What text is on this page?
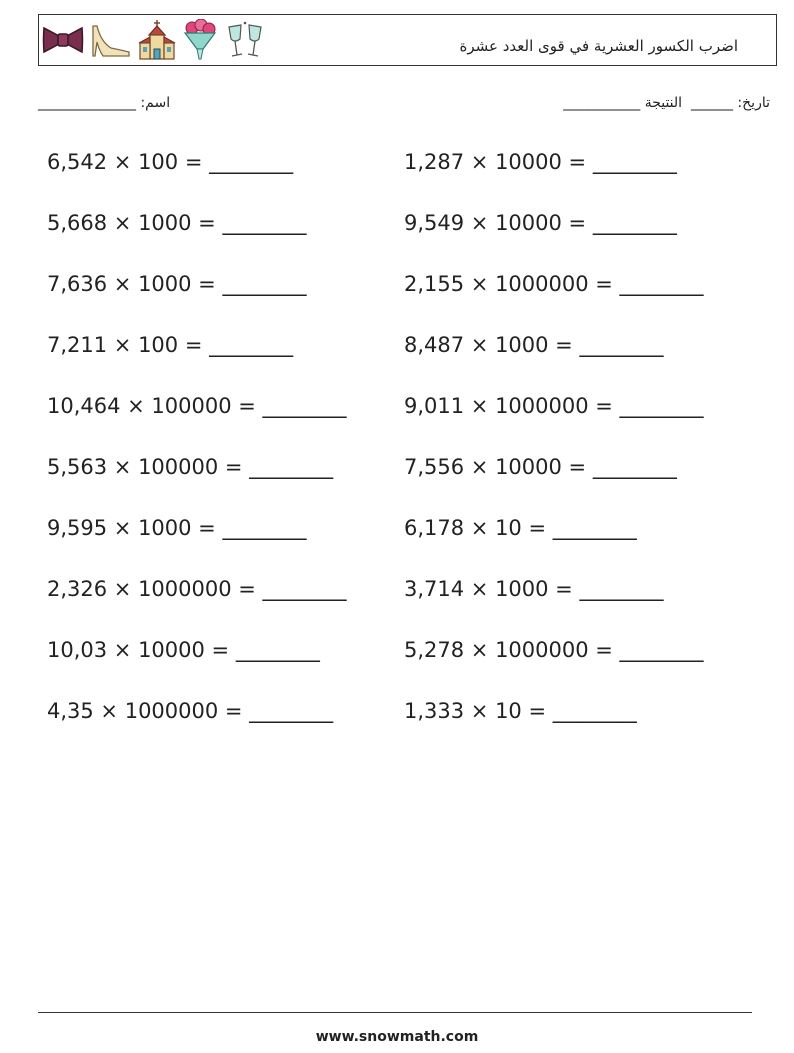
اضرب الكسور العشرية في قوى العدد عشرة
اسم: ______________	تاريخ: ______  النتيجة ___________
6,542 × 100 = ________	1,287 × 10000 = ________
5,668 × 1000 = ________	9,549 × 10000 = ________
7,636 × 1000 = ________	2,155 × 1000000 = ________
7,211 × 100 = ________	8,487 × 1000 = ________
10,464 × 100000 = ________	9,011 × 1000000 = ________
5,563 × 100000 = ________	7,556 × 10000 = ________
9,595 × 1000 = ________	6,178 × 10 = ________
2,326 × 1000000 = ________	3,714 × 1000 = ________
10,03 × 10000 = ________	5,278 × 1000000 = ________
4,35 × 1000000 = ________	1,333 × 10 = ________
www.snowmath.com
